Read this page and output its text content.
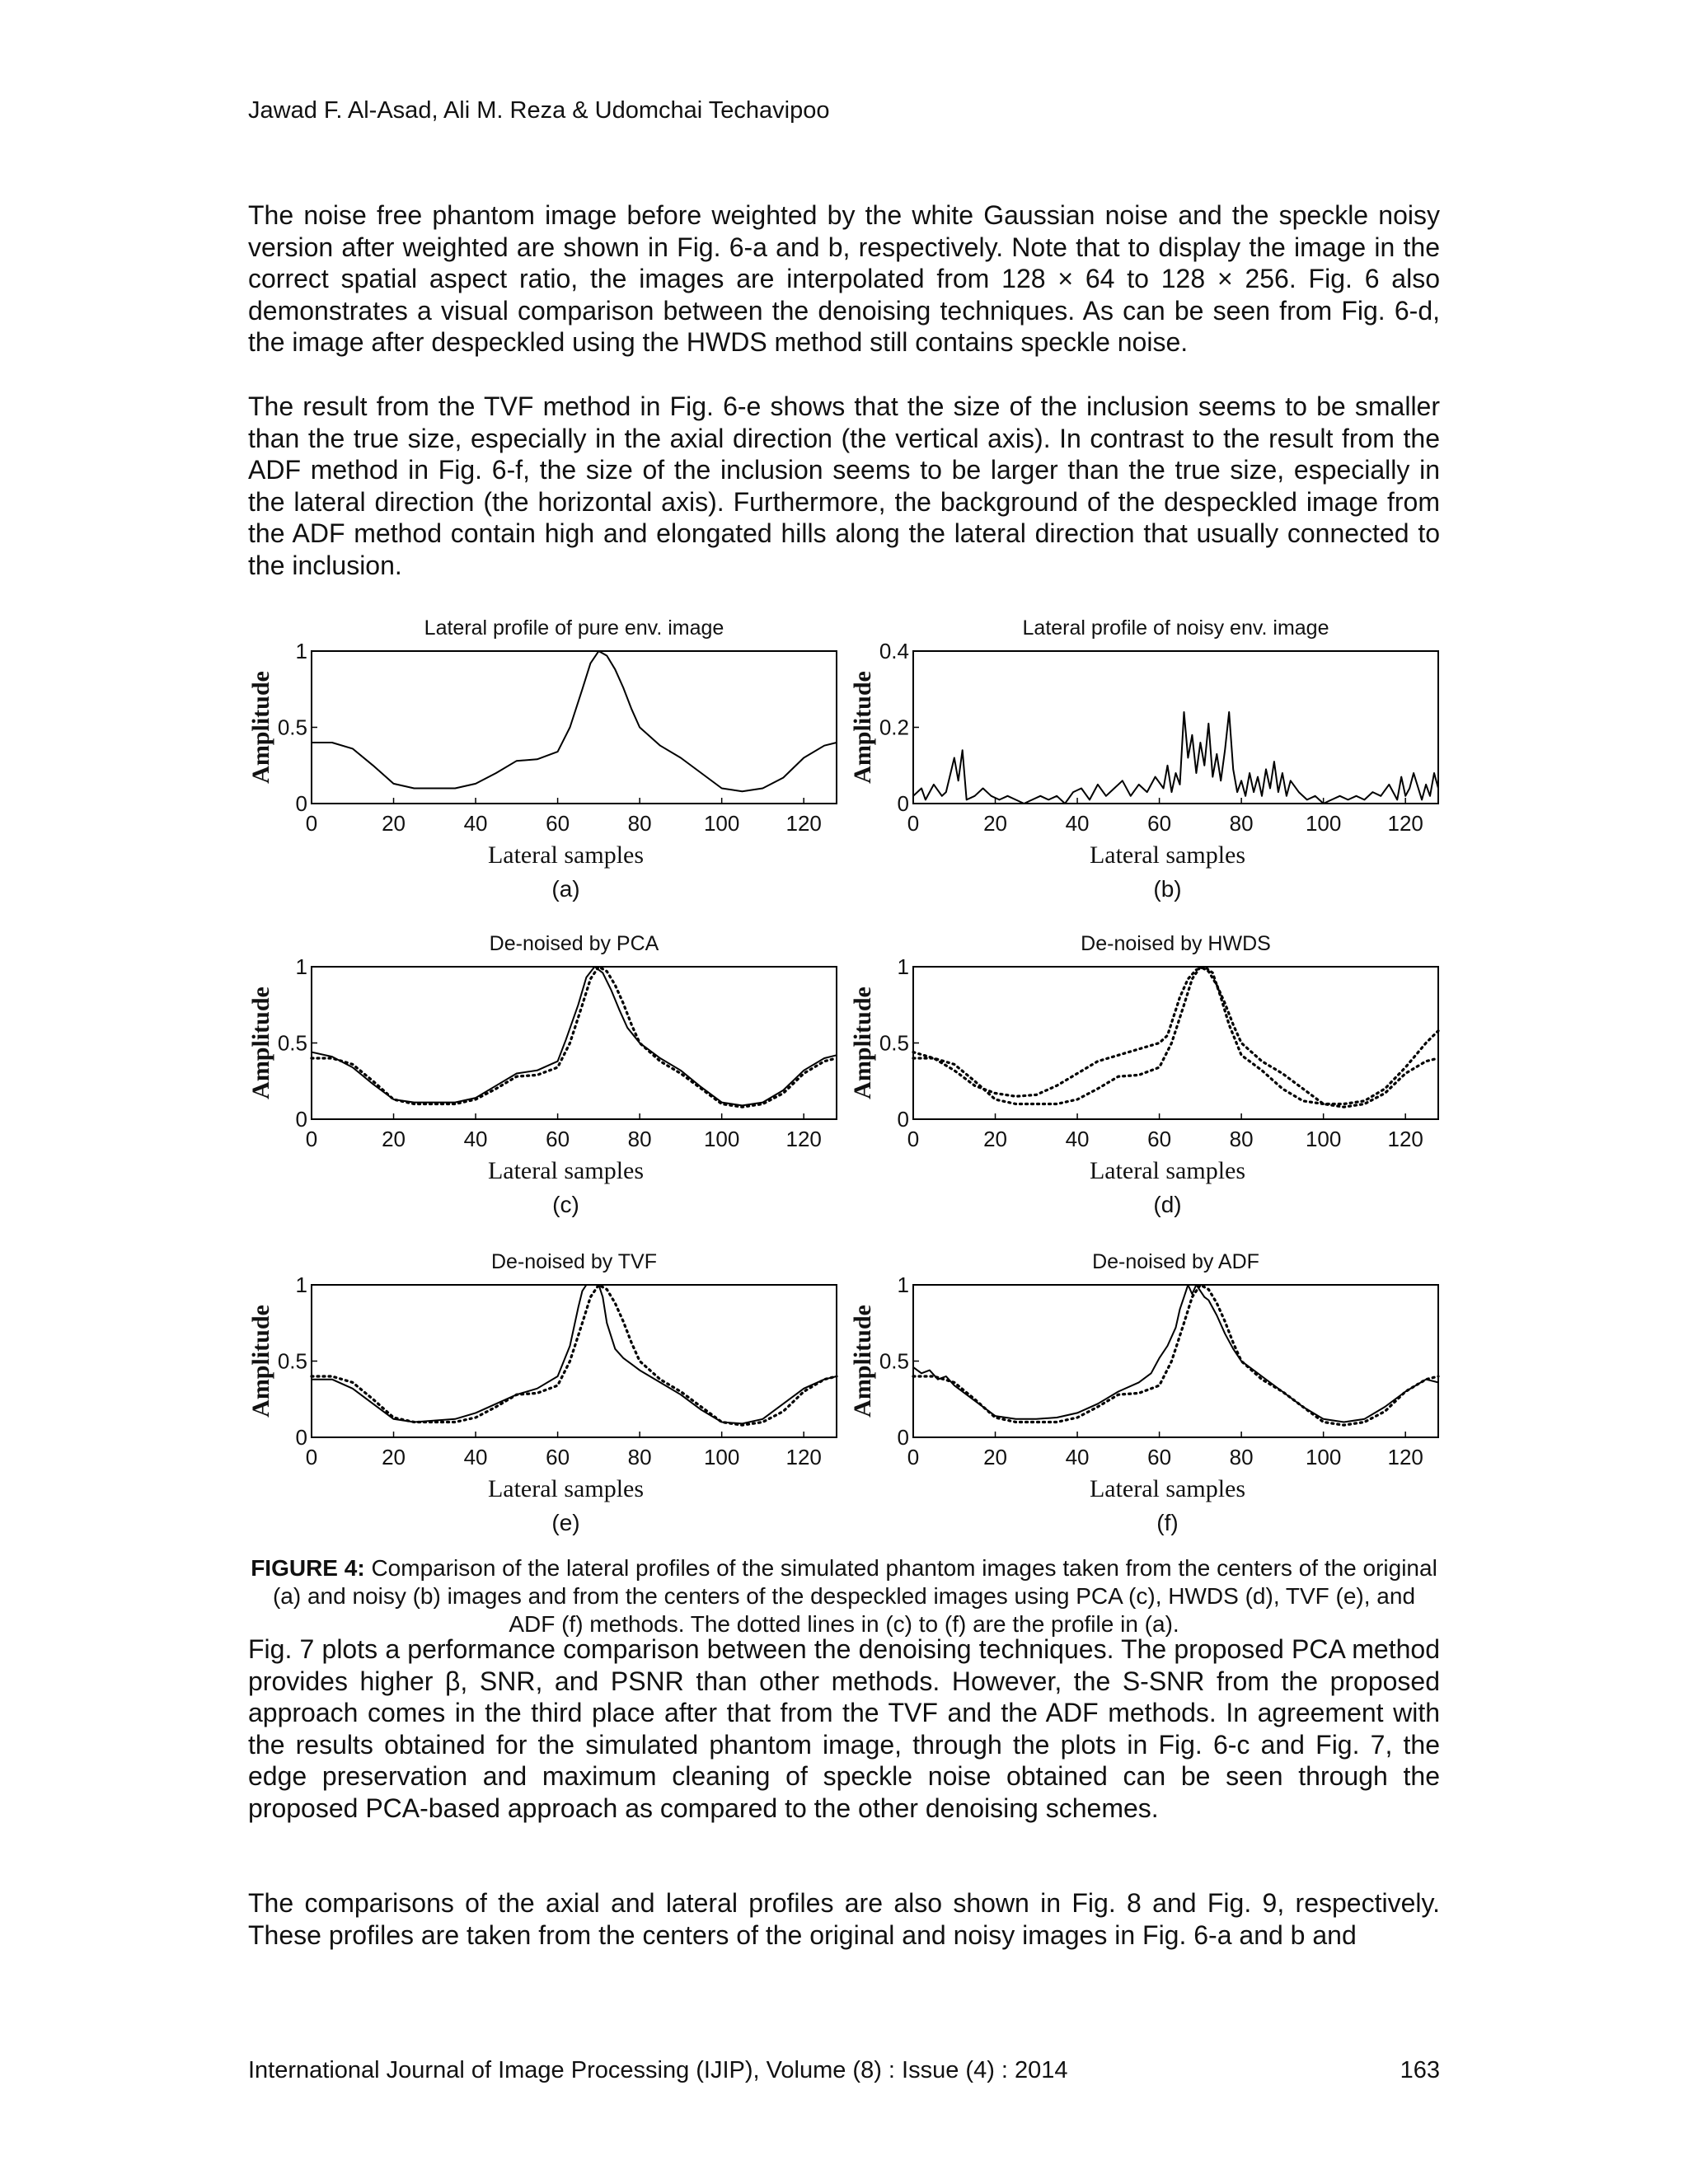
Jawad F. Al-Asad, Ali M. Reza & Udomchai Techavipoo

The noise free phantom image before weighted by the white Gaussian noise and the speckle noisy version after weighted are shown in Fig. 6-a and b, respectively. Note that to display the image in the correct spatial aspect ratio, the images are interpolated from 128 × 64 to 128 × 256. Fig. 6 also demonstrates a visual comparison between the denoising techniques. As can be seen from Fig. 6-d, the image after despeckled using the HWDS method still contains speckle noise.

The result from the TVF method in Fig. 6-e shows that the size of the inclusion seems to be smaller than the true size, especially in the axial direction (the vertical axis). In contrast to the result from the ADF method in Fig. 6-f, the size of the inclusion seems to be larger than the true size, especially in the lateral direction (the horizontal axis). Furthermore, the background of the despeckled image from the ADF method contain high and elongated hills along the lateral direction that usually connected to the inclusion.

Lateral profile of pure env. image
0	20	40	60	80 100 120
0
0.5
1
Lateral samples
Amplitude
(a)
Lateral profile of noisy env. image
0	20	40	60	80 100 120
0
0.2
0.4
Lateral samples
Amplitude
(b)
De-noised by PCA
0	20	40	60	80 100 120
0
0.5
1
Lateral samples
Amplitude
(c)
De-noised by HWDS
0	20	40	60	80 100 120
0
0.5
1
Lateral samples
Amplitude
(d)
De-noised by TVF
0	20	40	60	80 100 120
0
0.5
1
Lateral samples
Amplitude
(e)
De-noised by ADF
0	20	40	60	80 100 120
0
0.5
1
Lateral samples
Amplitude
(f)

FIGURE 4: Comparison of the lateral profiles of the simulated phantom images taken from the centers of the original (a) and noisy (b) images and from the centers of the despeckled images using PCA (c), HWDS (d), TVF (e), and ADF (f) methods. The dotted lines in (c) to (f) are the profile in (a).

Fig. 7 plots a performance comparison between the denoising techniques. The proposed PCA method provides higher β, SNR, and PSNR than other methods. However, the S-SNR from the proposed approach comes in the third place after that from the TVF and the ADF methods. In agreement with the results obtained for the simulated phantom image, through the plots in Fig. 6-c and Fig. 7, the edge preservation and maximum cleaning of speckle noise obtained can be seen through the proposed PCA-based approach as compared to the other denoising schemes.

The comparisons of the axial and lateral profiles are also shown in Fig. 8 and Fig. 9, respectively. These profiles are taken from the centers of the original and noisy images in Fig. 6-a and b and

International Journal of Image Processing (IJIP), Volume (8) : Issue (4) : 2014	163
